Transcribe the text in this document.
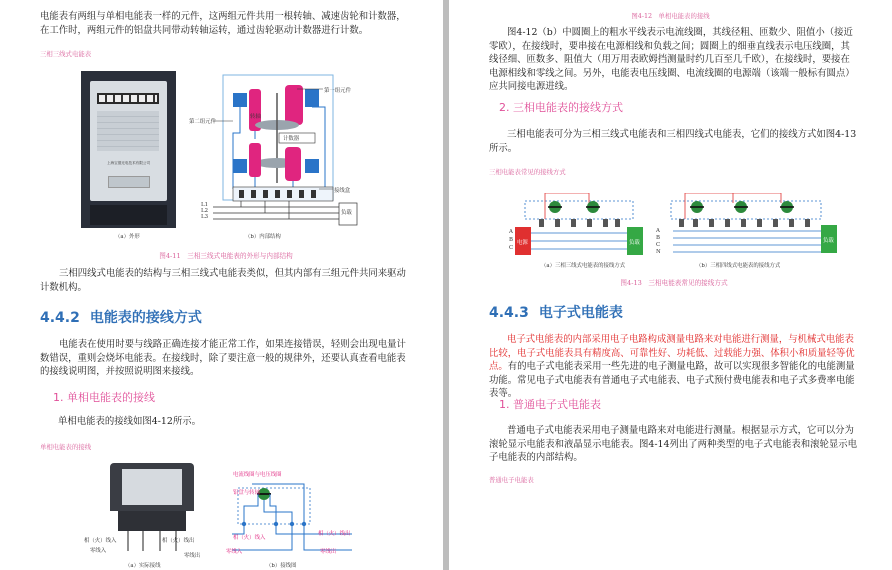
电能表有两组与单相电能表一样的元件，这两组元件共用一根转轴、减速齿轮和计数器，在工作时，两组元件的铝盘共同带动转轴运转，通过齿轮驱动计数器进行计数。

三相三线式电能表
上海宝德光电技术有限公司
（a）外形
第一组元件
第二组元件
转轴
计数器
接线盒
负载
L1
L2
L3
（b）内部结构
图4-11　三相三线式电能表的外形与内部结构

三相四线式电能表的结构与三相三线式电能表类似，但其内部有三组元件共同来驱动计数机构。

4.4.2 电能表的接线方式

电能表在使用时要与线路正确连接才能正常工作，如果连接错误，轻则会出现电量计数错误，重则会烧坏电能表。在接线时，除了要注意一般的规律外，还要认真查看电能表的接线说明图，并按照说明图来接线。

1. 单相电能表的接线

单相电能表的接线如图4-12所示。

单相电能表的接线
相（火）线入	相（火）线出
零线入
零线出
（a）实际接线
电流线圈与电压线圈
铝盘与转轴
相（火）线入
相（火）线出
零线入	零线出
（b）接线图
图4-12　单相电能表的接线

图4-12（b）中圆圈上的粗水平线表示电流线圈，其线径粗、匝数少、阻值小（接近零欧），在接线时，要串接在电源相线和负载之间；圆圈上的细垂直线表示电压线圈，其线径细、匝数多、阻值大（用万用表欧姆挡测量时约几百至几千欧），在接线时，要接在电源相线和零线之间。另外，电能表电压线圈、电流线圈的电源端（该端一般标有圆点）应共同接电源进线。

2. 三相电能表的接线方式

三相电能表可分为三相三线式电能表和三相四线式电能表，它们的接线方式如图4-13所示。

三相电能表常见的接线方式
A
B
C
电源	负载
（a）三相三线式电能表的接线方式
A
B
C
N
负载
（b）三相四线式电能表的接线方式
图4-13　三相电能表常见的接线方式
4.4.3 电子式电能表
电子式电能表的内部采用电子电路构成测量电路来对电能进行测量，与机械式电能表比较，电子式电能表具有精度高、可靠性好、功耗低、过载能力强、体积小和质量轻等优点。有的电子式电能表采用一些先进的电子测量电路，故可以实现很多智能化的电能测量功能。常见电子式电能表有普通电子式电能表、电子式预付费电能表和电子式多费率电能表等。
1. 普通电子式电能表

普通电子式电能表采用电子测量电路来对电能进行测量。根据显示方式，它可以分为滚轮显示电能表和液晶显示电能表。图4-14列出了两种类型的电子式电能表和滚轮显示电子电能表的内部结构。

普通电子电能表
